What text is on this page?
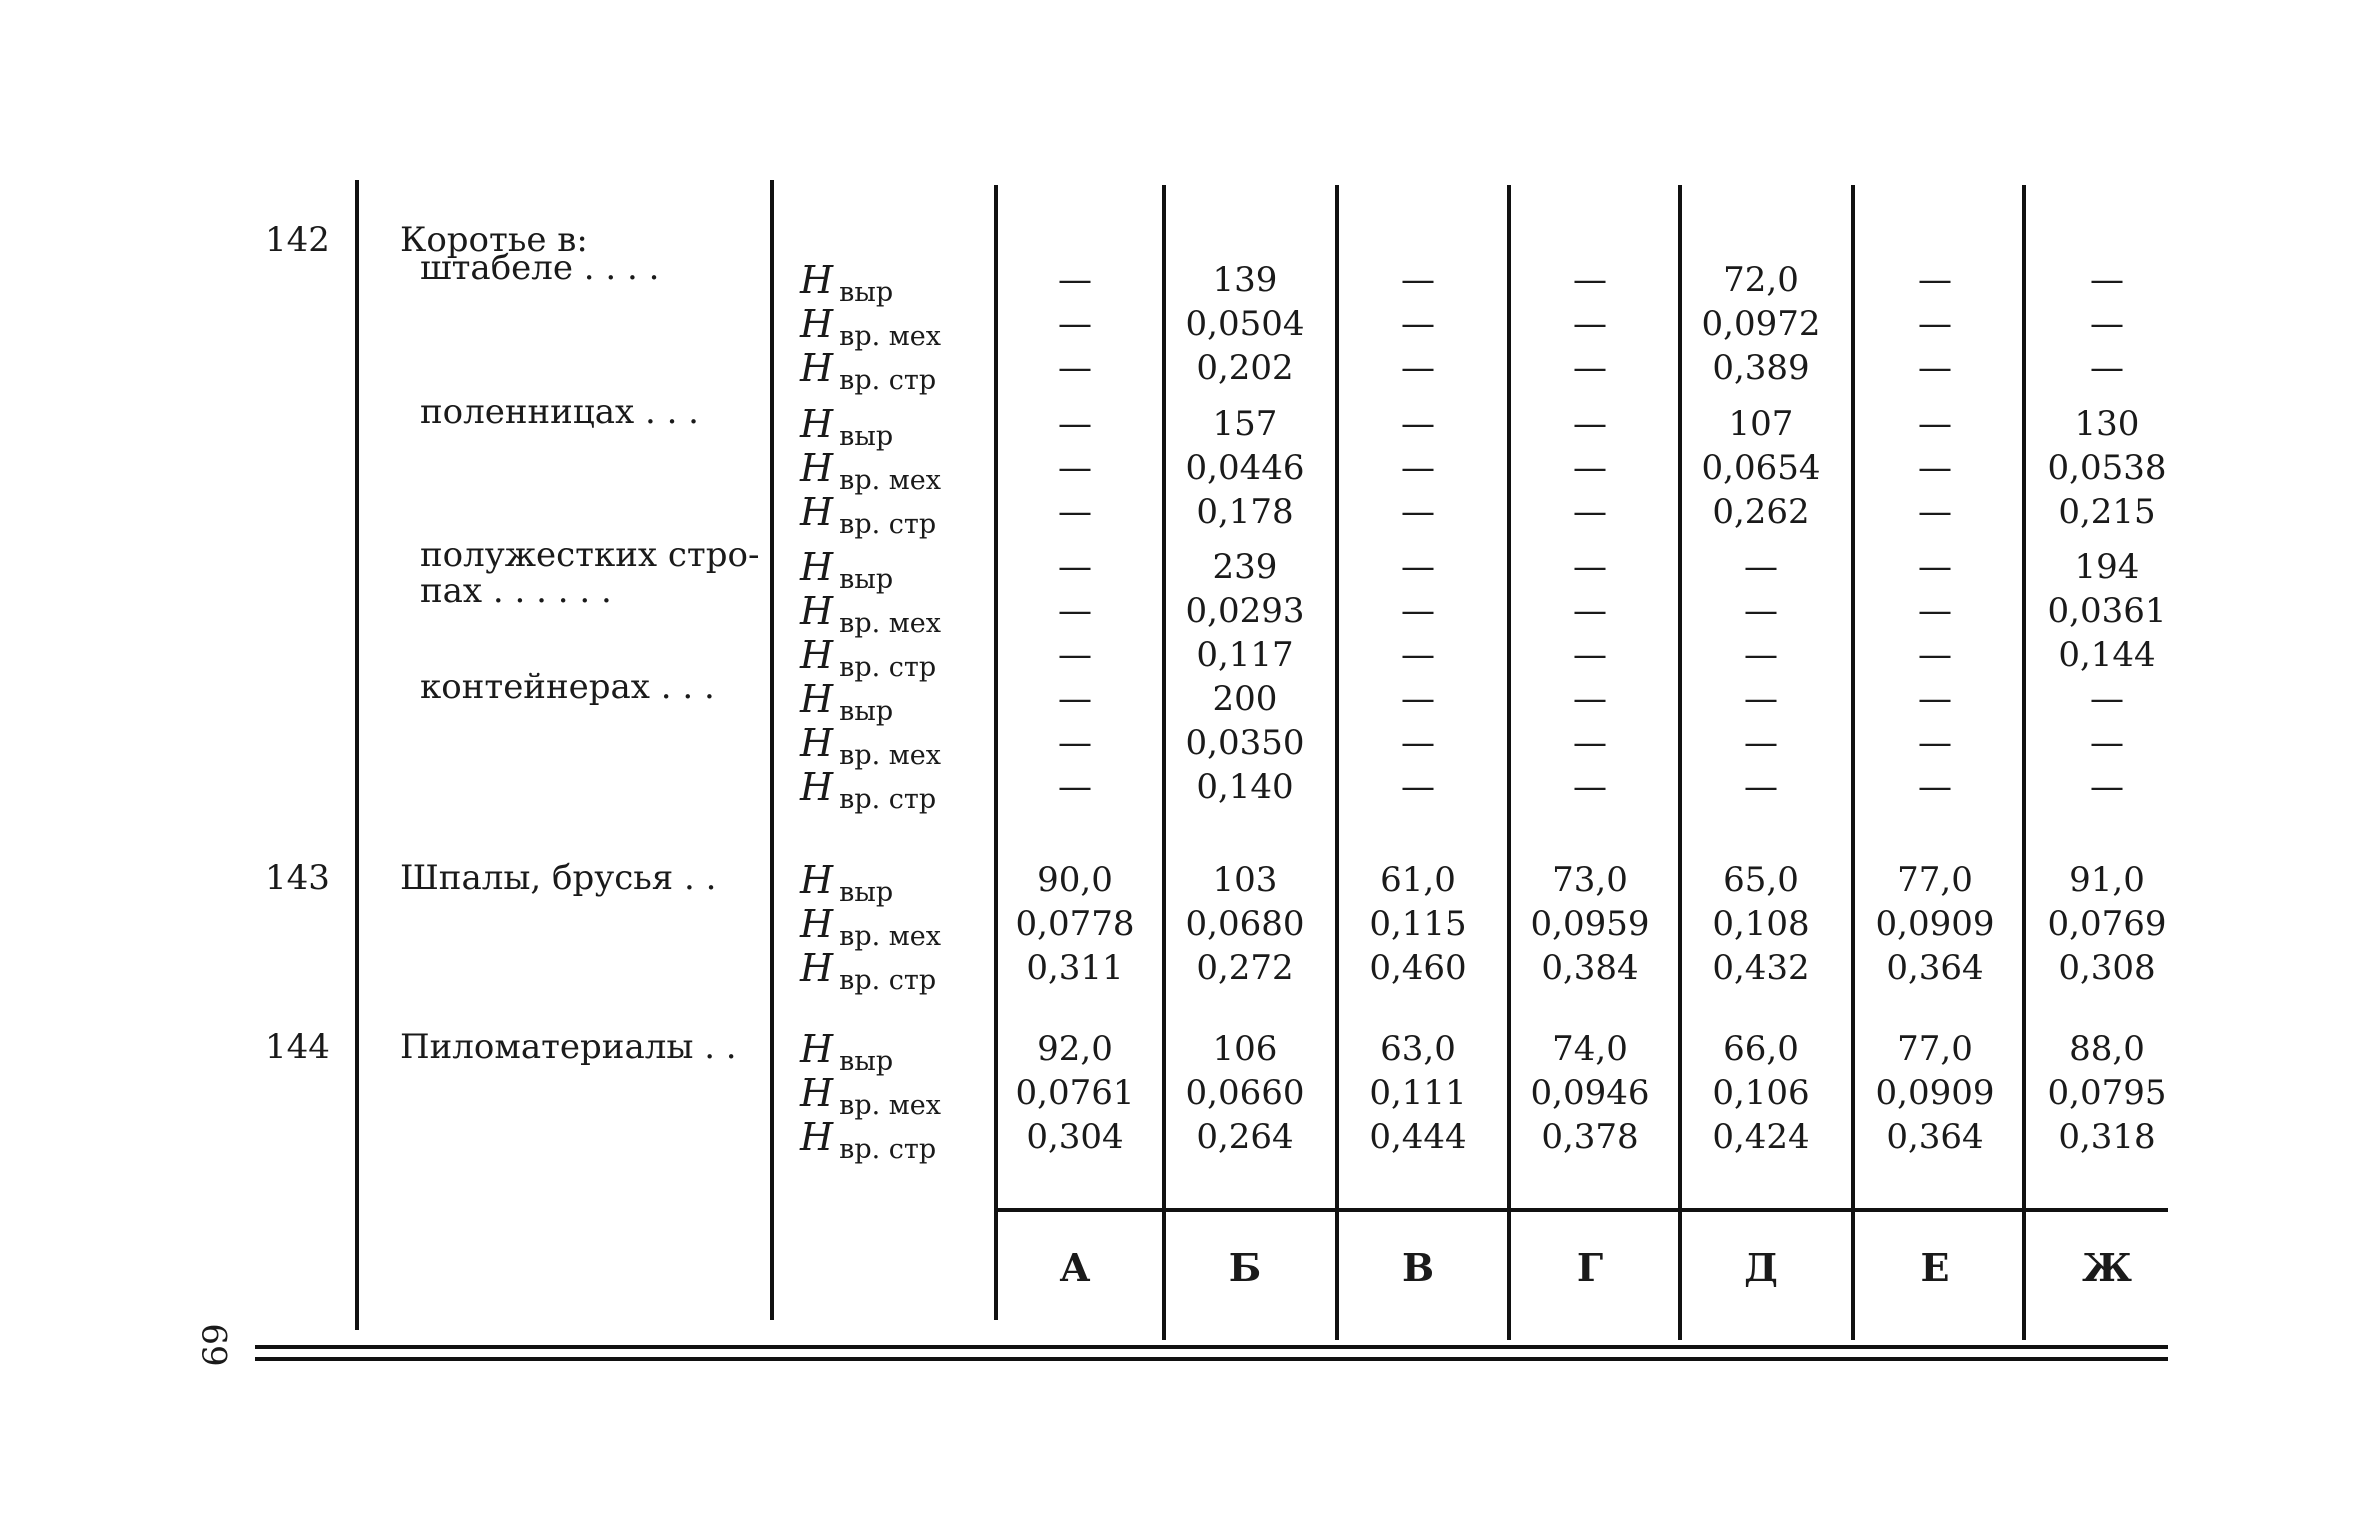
142 Коротье в:
штабеле . . . .	Н выр	—	139	—	—	72,0	—	—
Н вр. мех	—	0,0504	—	—	0,0972	—	—
Н вр. стр	—	0,202	—	—	0,389	—	—
поленницах . . .	Н выр	—	157	—	—	107	—	130
Н вр. мех	—	0,0446	—	—	0,0654	—	0,0538
Н вр. стр	—	0,178	—	—	0,262	—	0,215
полужестких стро-
пах . . . . . .
Н выр	—	239	—	—	—	—	194
Н вр. мех	—	0,0293	—	—	—	—	0,0361
Н вр. стр	—	0,117	—	—	—	—	0,144
контейнерах . . . Н выр	—	200	—	—	—	—	—
Н вр. мех	—	0,0350	—	—	—	—	—
Н вр. стр	—	0,140	—	—	—	—	—
143 Шпалы, брусья . . Н выр	90,0	103	61,0	73,0	65,0	77,0	91,0
Н вр. мех	0,0778	0,0680	0,115	0,0959	0,108	0,0909	0,0769
Н вр. стр	0,311	0,272	0,460	0,384	0,432	0,364	0,308
144 Пиломатериалы . . Н выр	92,0	106	63,0	74,0	66,0	77,0	88,0
Н вр. мех	0,0761	0,0660	0,111	0,0946	0,106	0,0909	0,0795
Н вр. стр	0,304	0,264	0,444	0,378	0,424	0,364	0,318
А	Б	В	Г	Д	Е	Ж
69
